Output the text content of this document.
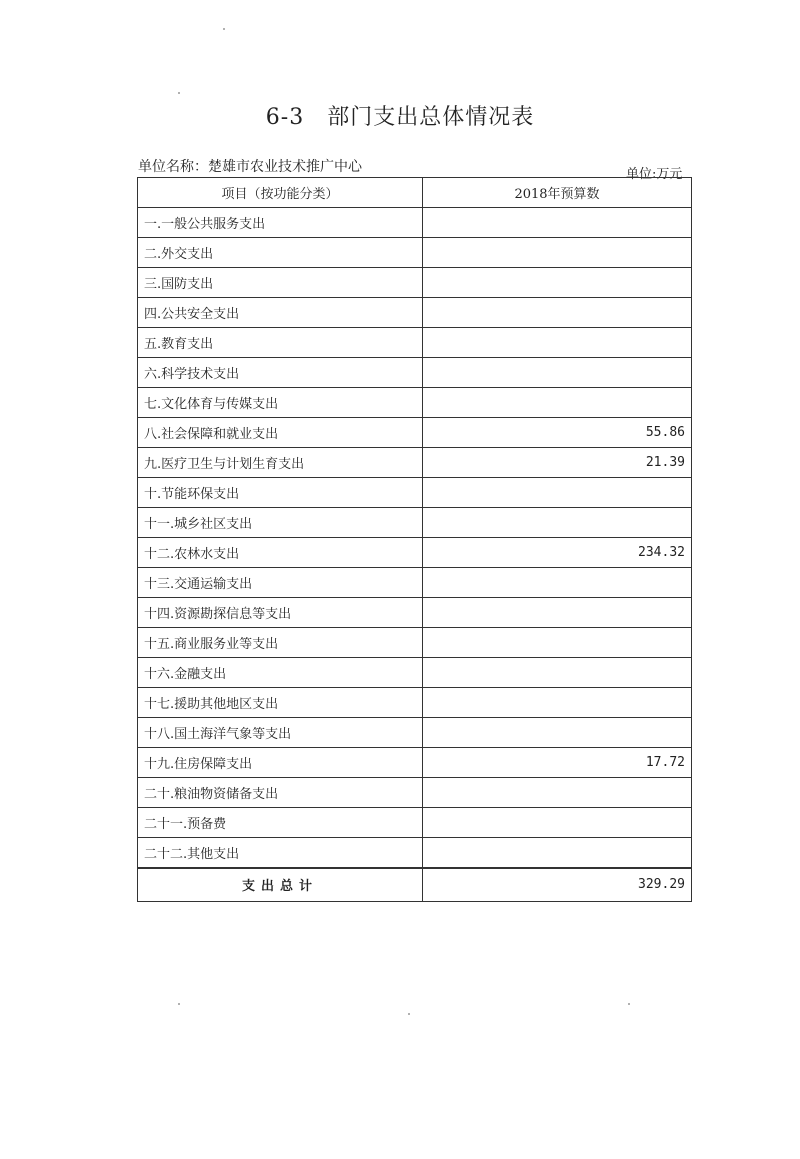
6-3　部门支出总体情况表
单位名称：楚雄市农业技术推广中心	单位:万元
项目（按功能分类）	2018年预算数
一.一般公共服务支出	
二.外交支出	
三.国防支出	
四.公共安全支出	
五.教育支出	
六.科学技术支出	
七.文化体育与传媒支出	
八.社会保障和就业支出	55.86
九.医疗卫生与计划生育支出	21.39
十.节能环保支出	
十一.城乡社区支出	
十二.农林水支出	234.32
十三.交通运输支出	
十四.资源勘探信息等支出	
十五.商业服务业等支出	
十六.金融支出	
十七.援助其他地区支出	
十八.国土海洋气象等支出	
十九.住房保障支出	17.72
二十.粮油物资储备支出	
二十一.预备费	
二十二.其他支出	
支出总计	329.29
